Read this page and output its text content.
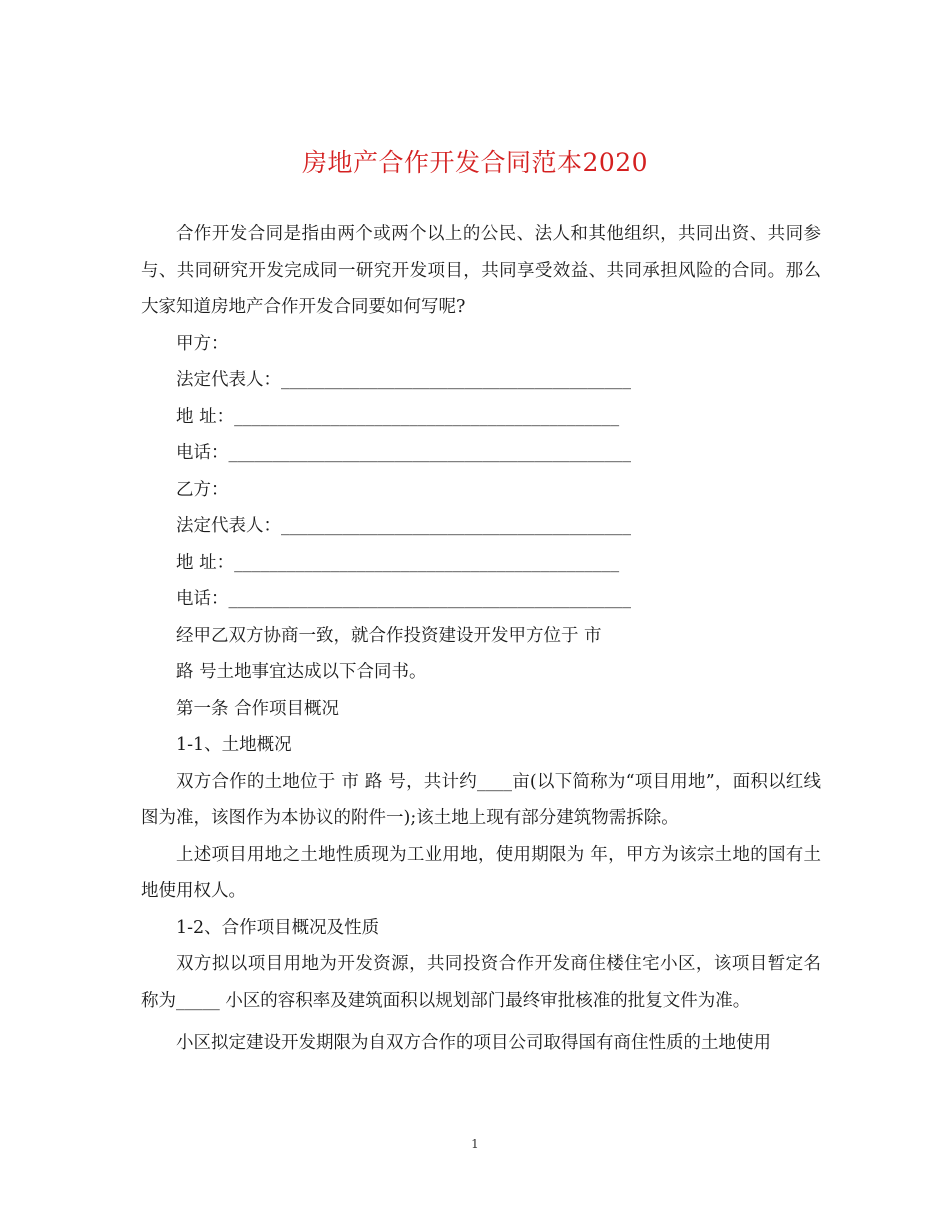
房地产合作开发合同范本2020

合作开发合同是指由两个或两个以上的公民、法人和其他组织，共同出资、共同参与、共同研究开发完成同一研究开发项目，共同享受效益、共同承担风险的合同。那么大家知道房地产合作开发合同要如何写呢?

甲方：

法定代表人：________________________________________

地 址：____________________________________________

电话：______________________________________________

乙方：

法定代表人：________________________________________

地 址：____________________________________________

电话：______________________________________________

经甲乙双方协商一致，就合作投资建设开发甲方位于 市

路 号土地事宜达成以下合同书。

第一条 合作项目概况

1-1、土地概况

双方合作的土地位于 市 路 号，共计约____亩(以下简称为“项目用地”，面积以红线图为准，该图作为本协议的附件一);该土地上现有部分建筑物需拆除。

上述项目用地之土地性质现为工业用地，使用期限为 年，甲方为该宗土地的国有土地使用权人。

1-2、合作项目概况及性质

双方拟以项目用地为开发资源，共同投资合作开发商住楼住宅小区，该项目暂定名称为_____ 小区的容积率及建筑面积以规划部门最终审批核准的批复文件为准。

小区拟定建设开发期限为自双方合作的项目公司取得国有商住性质的土地使用

1
